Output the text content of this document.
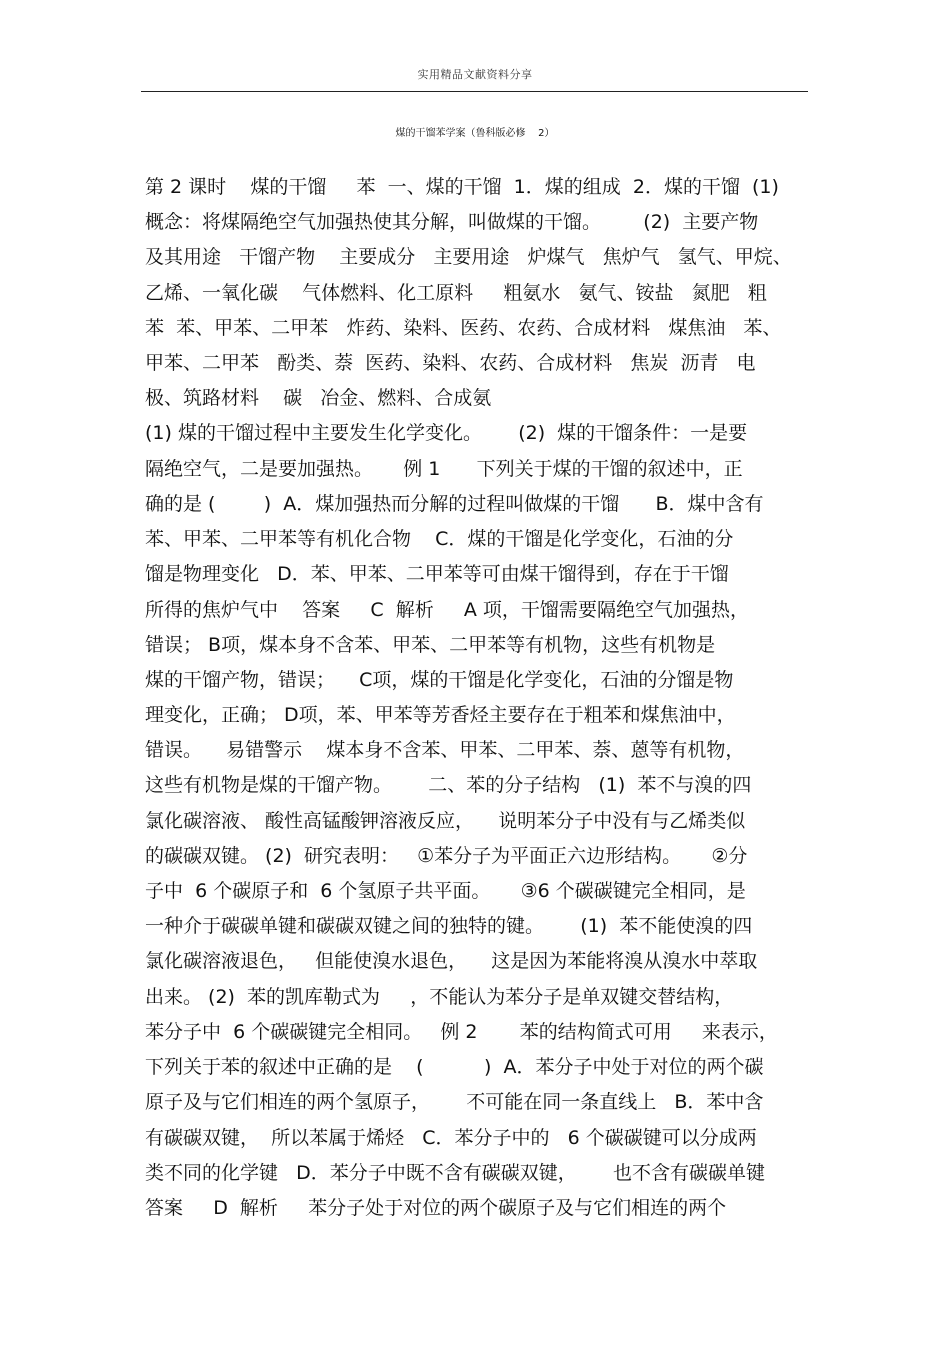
实用精品文献资料分享
煤的干馏苯学案（鲁科版必修    2）
第 2 课时    煤的干馏     苯  一、煤的干馏  1．煤的组成  2．煤的干馏  (1)
概念：将煤隔绝空气加强热使其分解，叫做煤的干馏。       (2)  主要产物
及其用途   干馏产物    主要成分   主要用途   炉煤气   焦炉气   氢气、甲烷、
乙烯、一氧化碳    气体燃料、化工原料     粗氨水   氨气、铵盐   氮肥   粗
苯  苯、甲苯、二甲苯   炸药、染料、医药、农药、合成材料   煤焦油   苯、
甲苯、二甲苯   酚类、萘  医药、染料、农药、合成材料   焦炭  沥青   电
极、筑路材料    碳   冶金、燃料、合成氨
(1) 煤的干馏过程中主要发生化学变化。      (2)  煤的干馏条件：一是要
隔绝空气，二是要加强热。     例 1      下列关于煤的干馏的叙述中，正
确的是 (        )  A．煤加强热而分解的过程叫做煤的干馏      B．煤中含有
苯、甲苯、二甲苯等有机化合物    C．煤的干馏是化学变化，石油的分
馏是物理变化   D．苯、甲苯、二甲苯等可由煤干馏得到，存在于干馏
所得的焦炉气中    答案     C  解析     A 项，干馏需要隔绝空气加强热，
错误； B项，煤本身不含苯、甲苯、二甲苯等有机物，这些有机物是
煤的干馏产物，错误；    C项，煤的干馏是化学变化，石油的分馏是物
理变化，正确； D项，苯、甲苯等芳香烃主要存在于粗苯和煤焦油中，
错误。    易错警示    煤本身不含苯、甲苯、二甲苯、萘、蒽等有机物，
这些有机物是煤的干馏产物。      二、苯的分子结构   (1)  苯不与溴的四
氯化碳溶液、 酸性高锰酸钾溶液反应，    说明苯分子中没有与乙烯类似
的碳碳双键。 (2)  研究表明：   ①苯分子为平面正六边形结构。     ②分
子中  6 个碳原子和  6 个氢原子共平面。     ③6 个碳碳键完全相同，是
一种介于碳碳单键和碳碳双键之间的独特的键。      (1)  苯不能使溴的四
氯化碳溶液退色，   但能使溴水退色，    这是因为苯能将溴从溴水中萃取
出来。 (2)  苯的凯库勒式为     ，不能认为苯分子是单双键交替结构，
苯分子中  6 个碳碳键完全相同。   例 2       苯的结构简式可用     来表示，
下列关于苯的叙述中正确的是    (          )  A．苯分子中处于对位的两个碳
原子及与它们相连的两个氢原子，      不可能在同一条直线上   B．苯中含
有碳碳双键，  所以苯属于烯烃   C．苯分子中的   6 个碳碳键可以分成两
类不同的化学键   D．苯分子中既不含有碳碳双键，      也不含有碳碳单键
答案     D  解析     苯分子处于对位的两个碳原子及与它们相连的两个
